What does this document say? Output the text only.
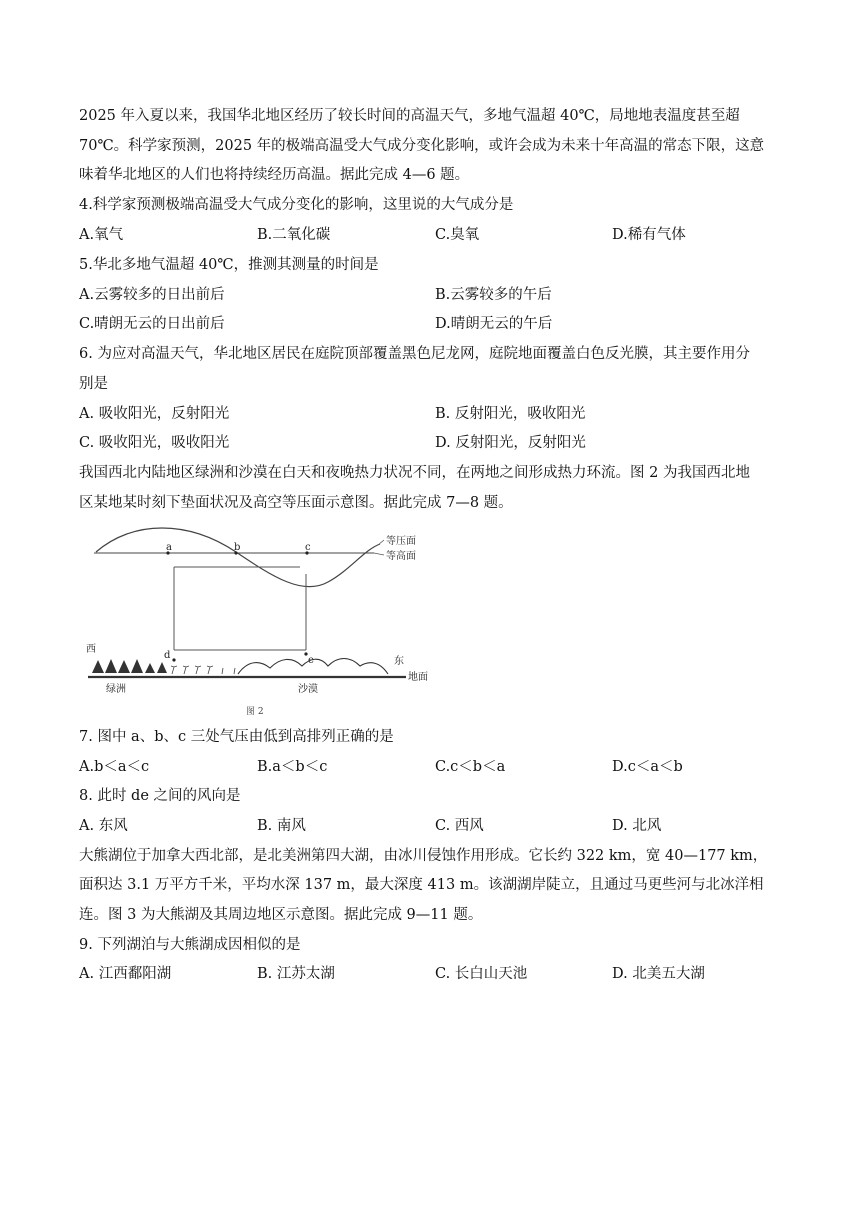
2025 年入夏以来，我国华北地区经历了较长时间的高温天气，多地气温超 40℃，局地地表温度甚至超
70℃。科学家预测，2025 年的极端高温受大气成分变化影响，或许会成为未来十年高温的常态下限，这意
味着华北地区的人们也将持续经历高温。据此完成 4—6 题。
4.科学家预测极端高温受大气成分变化的影响，这里说的大气成分是
A.氧气	B.二氧化碳	C.臭氧	D.稀有气体
5.华北多地气温超 40℃，推测其测量的时间是
A.云雾较多的日出前后	B.云雾较多的午后
C.晴朗无云的日出前后	D.晴朗无云的午后
6. 为应对高温天气，华北地区居民在庭院顶部覆盖黑色尼龙网，庭院地面覆盖白色反光膜，其主要作用分
别是
A. 吸收阳光，反射阳光	B. 反射阳光，吸收阳光
C. 吸收阳光，吸收阳光	D. 反射阳光，反射阳光
我国西北内陆地区绿洲和沙漠在白天和夜晚热力状况不同，在两地之间形成热力环流。图 2 为我国西北地
区某地某时刻下垫面状况及高空等压面示意图。据此完成 7—8 题。
a	b	c
d	e
等压面
等高面
西
东
地面
绿洲	沙漠
图 2
7. 图中 a、b、c 三处气压由低到高排列正确的是
A.b＜a＜c	B.a＜b＜c	C.c＜b＜a	D.c＜a＜b
8. 此时 de 之间的风向是
A. 东风	B. 南风	C. 西风	D. 北风
大熊湖位于加拿大西北部，是北美洲第四大湖，由冰川侵蚀作用形成。它长约 322 km，宽 40—177 km，
面积达 3.1 万平方千米，平均水深 137 m，最大深度 413 m。该湖湖岸陡立，且通过马更些河与北冰洋相
连。图 3 为大熊湖及其周边地区示意图。据此完成 9—11 题。
9. 下列湖泊与大熊湖成因相似的是
A. 江西鄱阳湖	B. 江苏太湖	C. 长白山天池	D. 北美五大湖
